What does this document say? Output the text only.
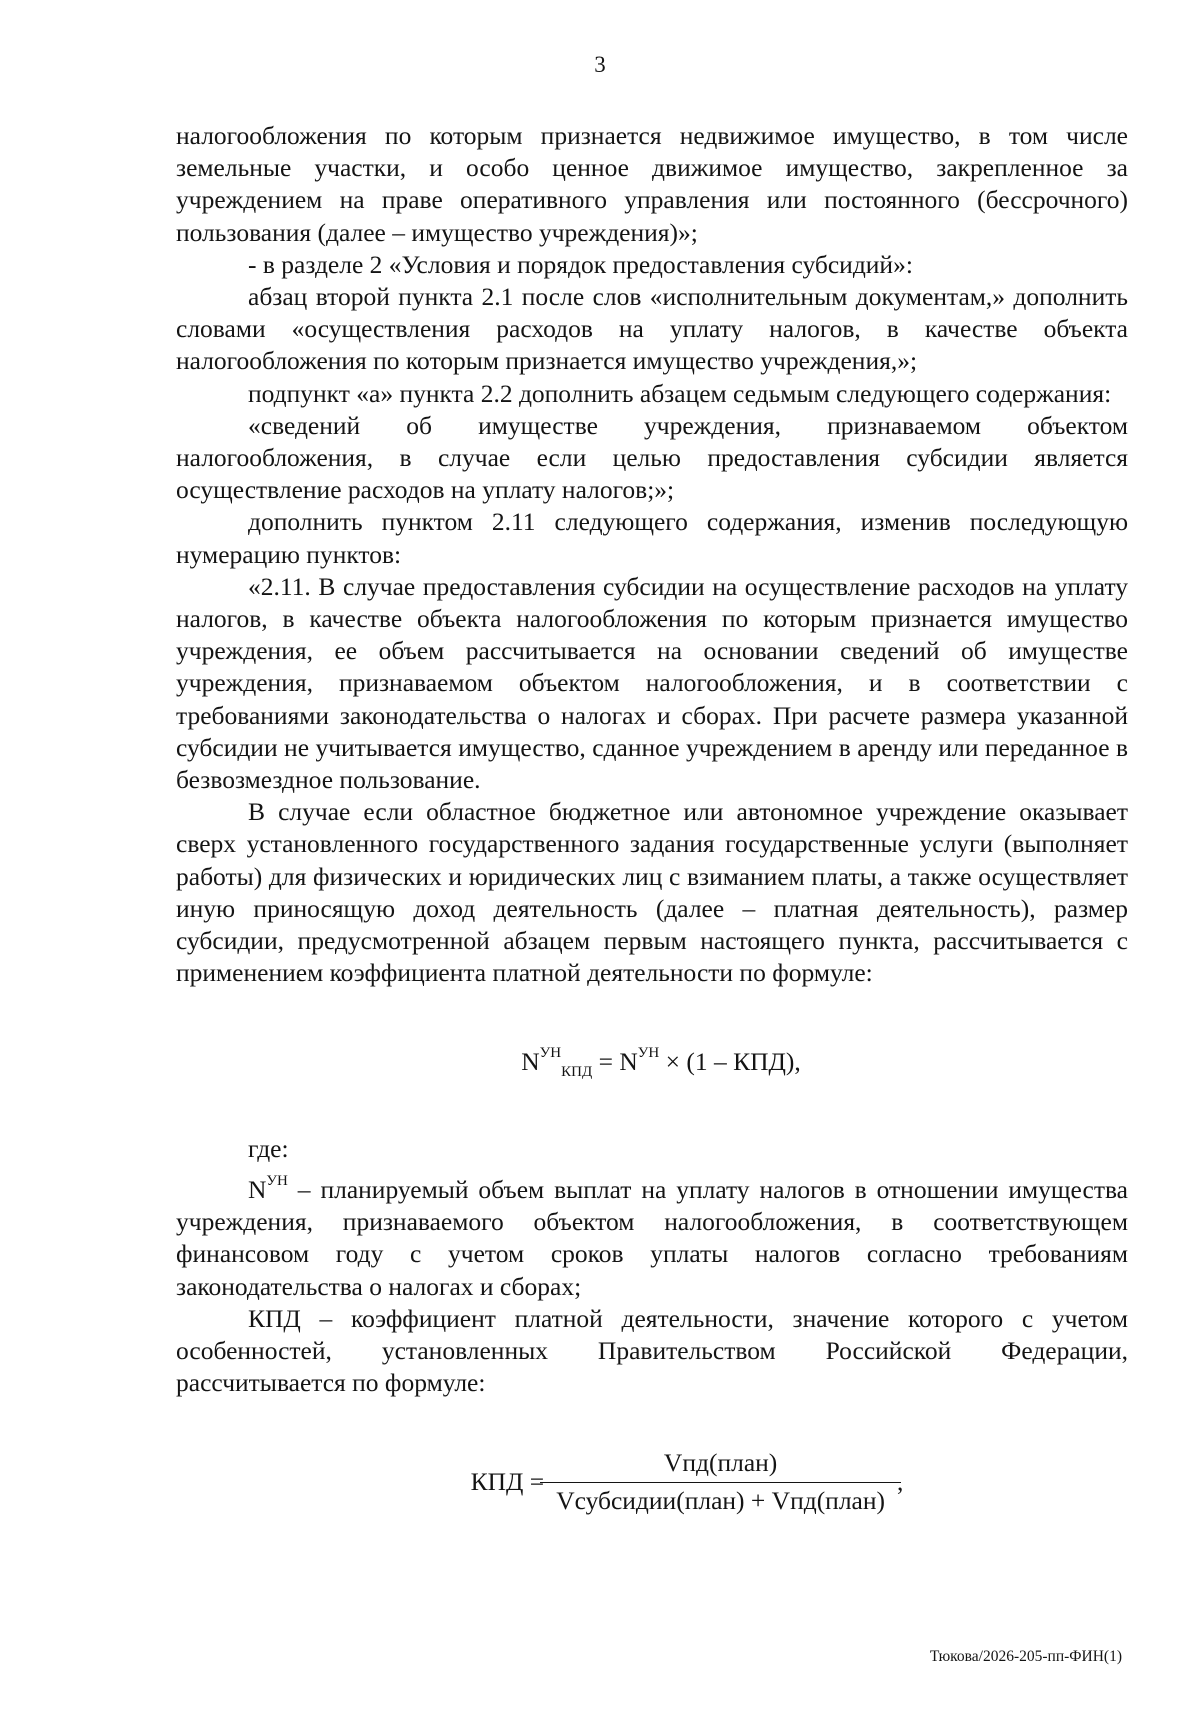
3

налогообложения по которым признается недвижимое имущество, в том числе земельные участки, и особо ценное движимое имущество, закрепленное за учреждением на праве оперативного управления или постоянного (бессрочного) пользования (далее – имущество учреждения)»;

- в разделе 2 «Условия и порядок предоставления субсидий»:

абзац второй пункта 2.1 после слов «исполнительным документам,» дополнить словами «осуществления расходов на уплату налогов, в качестве объекта налогообложения по которым признается имущество учреждения,»;

подпункт «а» пункта 2.2 дополнить абзацем седьмым следующего содержания:

«сведений об имуществе учреждения, признаваемом объектом налогообложения, в случае если целью предоставления субсидии является осуществление расходов на уплату налогов;»;

дополнить пунктом 2.11 следующего содержания, изменив последующую нумерацию пунктов:

«2.11. В случае предоставления субсидии на осуществление расходов на уплату налогов, в качестве объекта налогообложения по которым признается имущество учреждения, ее объем рассчитывается на основании сведений об имуществе учреждения, признаваемом объектом налогообложения, и в соответствии с требованиями законодательства о налогах и сборах. При расчете размера указанной субсидии не учитывается имущество, сданное учреждением в аренду или переданное в безвозмездное пользование.

В случае если областное бюджетное или автономное учреждение оказывает сверх установленного государственного задания государственные услуги (выполняет работы) для физических и юридических лиц с взиманием платы, а также осуществляет иную приносящую доход деятельность (далее – платная деятельность), размер субсидии, предусмотренной абзацем первым настоящего пункта, рассчитывается с применением коэффициента платной деятельности по формуле:

$N^{УН}_{КПД} = N^{УН} \times (1 - КПД)$,

где:

$N^{УН}$ – планируемый объем выплат на уплату налогов в отношении имущества учреждения, признаваемого объектом налогообложения, в соответствующем финансовом году с учетом сроков уплаты налогов согласно требованиям законодательства о налогах и сборах;

КПД – коэффициент платной деятельности, значение которого с учетом особенностей, установленных Правительством Российской Федерации, рассчитывается по формуле:

КПД = $\frac{\text{Vпд(план)}}{\text{Vсубсидии(план) + Vпд(план)}}$ ,
Тюкова/2026-205-пп-ФИН(1)
